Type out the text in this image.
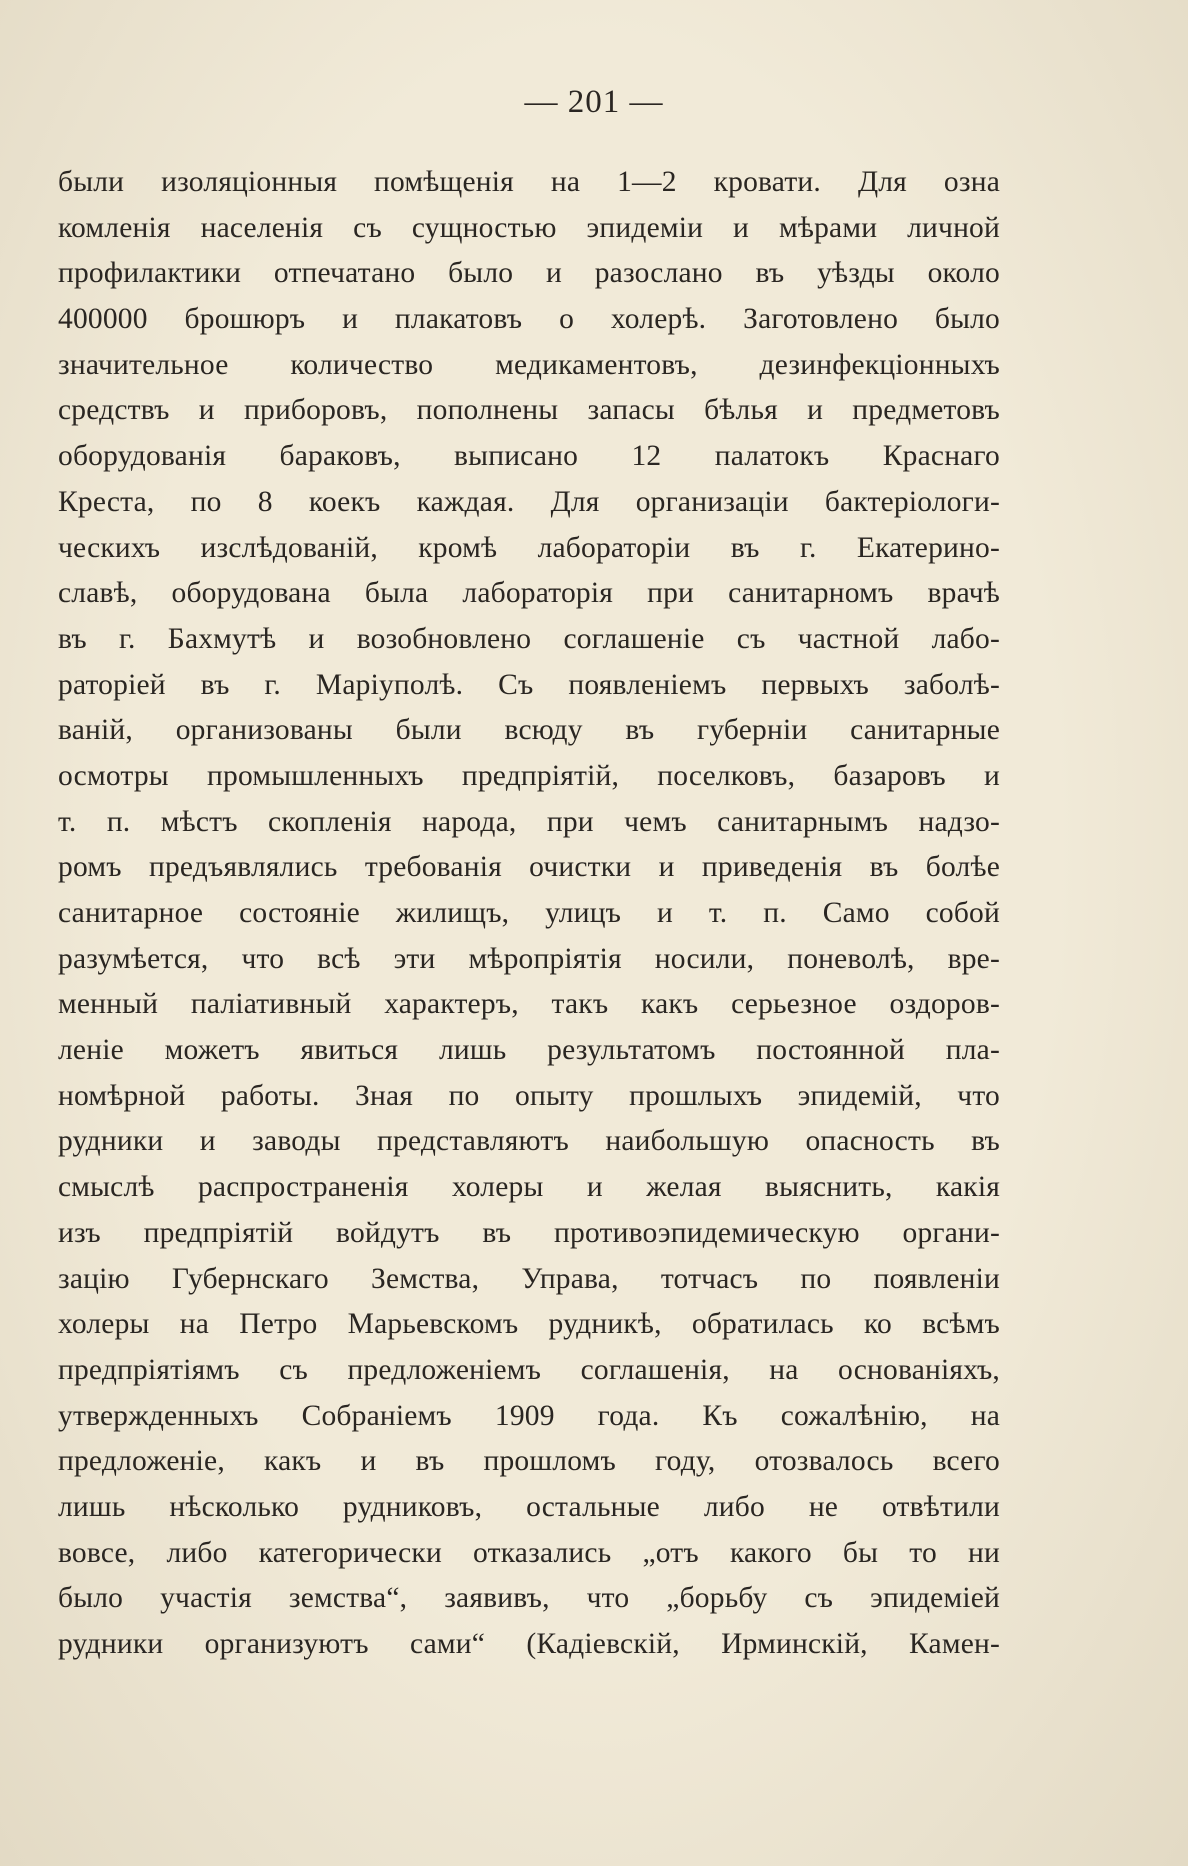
— 201 —
были изоляціонныя помѣщенія на 1—2 кровати. Для озна
комленія населенія съ сущностью эпидеміи и мѣрами личной
профилактики отпечатано было и разослано въ уѣзды около
400000 брошюръ и плакатовъ о холерѣ. Заготовлено было
значительное количество медикаментовъ, дезинфекціонныхъ
средствъ и приборовъ, пополнены запасы бѣлья и предметовъ
оборудованія бараковъ, выписано 12 палатокъ Краснаго
Креста, по 8 коекъ каждая. Для организаціи бактеріологи-
ческихъ изслѣдованій, кромѣ лабораторіи въ г. Екатерино-
славѣ, оборудована была лабораторія при санитарномъ врачѣ
въ г. Бахмутѣ и возобновлено соглашеніе съ частной лабо-
раторіей въ г. Маріуполѣ. Съ появленіемъ первыхъ заболѣ-
ваній, организованы были всюду въ губерніи санитарные
осмотры промышленныхъ предпріятій, поселковъ, базаровъ и
т. п. мѣстъ скопленія народа, при чемъ санитарнымъ надзо-
ромъ предъявлялись требованія очистки и приведенія въ болѣе
санитарное состояніе жилищъ, улицъ и т. п. Само собой
разумѣется, что всѣ эти мѣропріятія носили, поневолѣ, вре-
менный паліативный характеръ, такъ какъ серьезное оздоров-
леніе можетъ явиться лишь результатомъ постоянной пла-
номѣрной работы. Зная по опыту прошлыхъ эпидемій, что
рудники и заводы представляютъ наибольшую опасность въ
смыслѣ распространенія холеры и желая выяснить, какія
изъ предпріятій войдутъ въ противоэпидемическую органи-
зацію Губернскаго Земства, Управа, тотчасъ по появленіи
холеры на Петро Марьевскомъ рудникѣ, обратилась ко всѣмъ
предпріятіямъ съ предложеніемъ соглашенія, на основаніяхъ,
утвержденныхъ Собраніемъ 1909 года. Къ сожалѣнію, на
предложеніе, какъ и въ прошломъ году, отозвалось всего
лишь нѣсколько рудниковъ, остальные либо не отвѣтили
вовсе, либо категорически отказались „отъ какого бы то ни
было участія земства“, заявивъ, что „борьбу съ эпидеміей
рудники организуютъ сами“ (Кадіевскій, Ирминскій, Камен-
